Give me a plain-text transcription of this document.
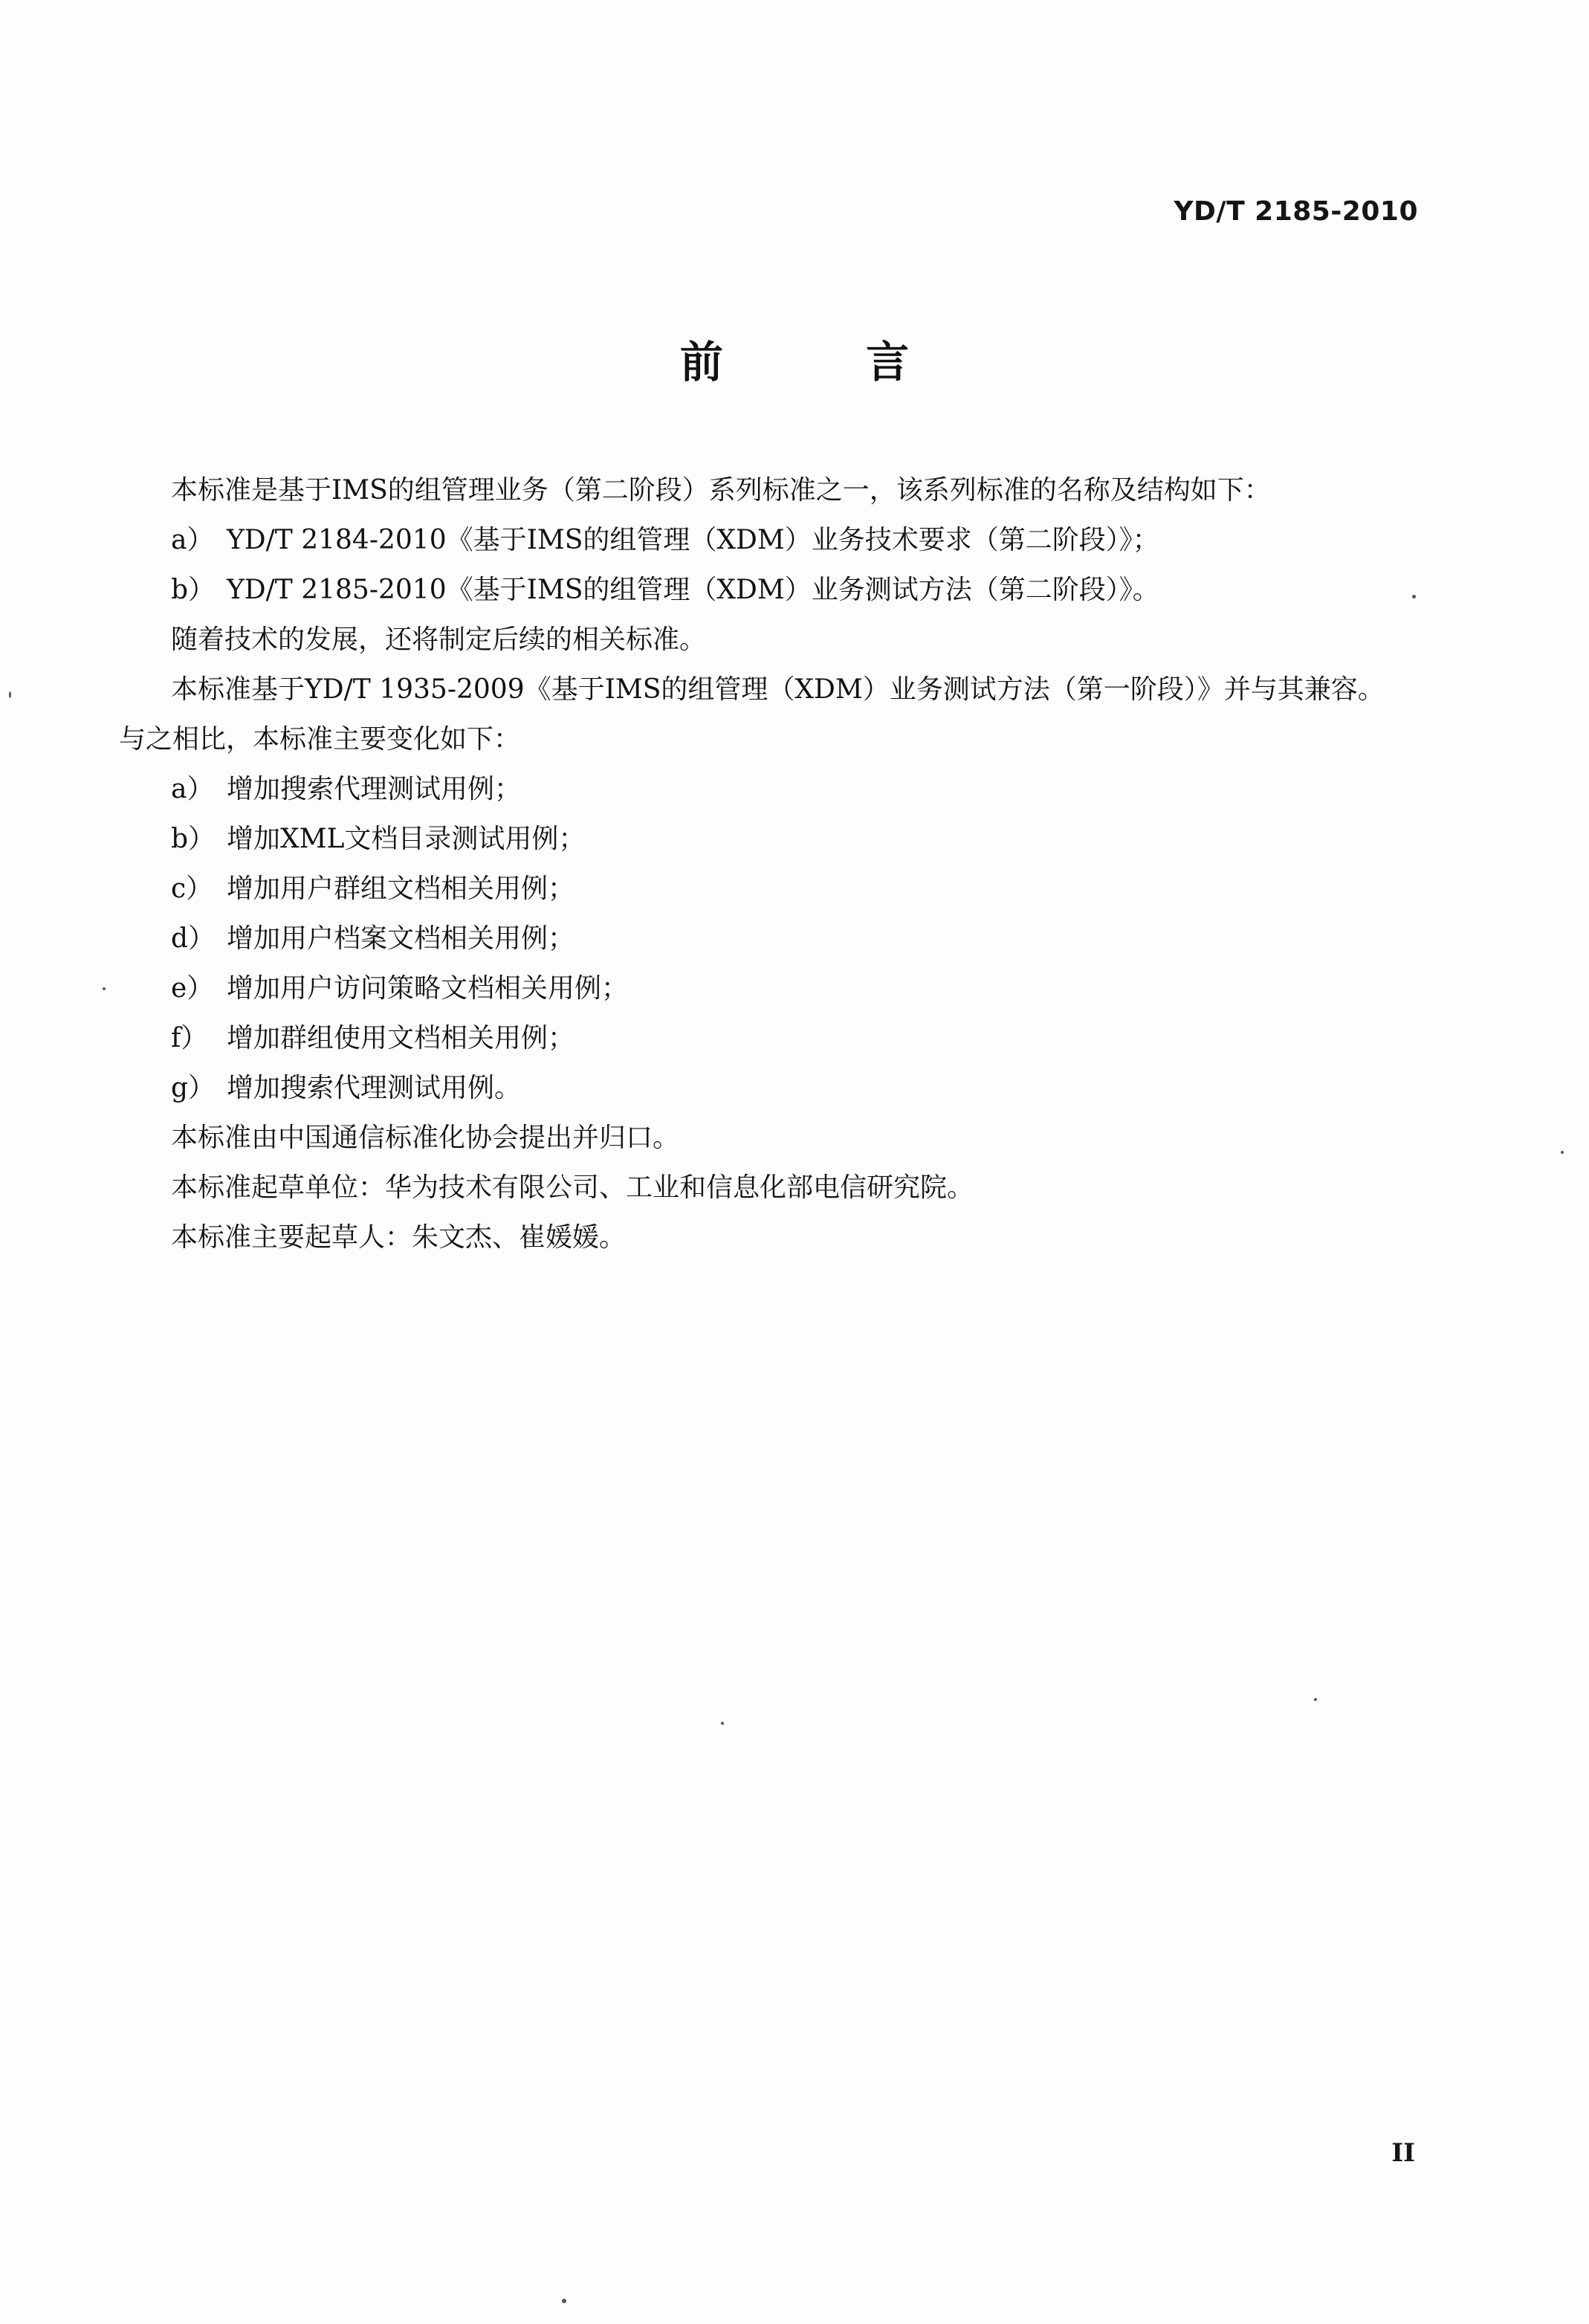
YD/T 2185-2010
前 言

本标准是基于IMS的组管理业务（第二阶段）系列标准之一，该系列标准的名称及结构如下：

a） YD/T 2184-2010《基于IMS的组管理（XDM）业务技术要求（第二阶段）》；

b） YD/T 2185-2010《基于IMS的组管理（XDM）业务测试方法（第二阶段）》。

随着技术的发展，还将制定后续的相关标准。

本标准基于YD/T 1935-2009《基于IMS的组管理（XDM）业务测试方法（第一阶段）》并与其兼容。

与之相比，本标准主要变化如下：

a） 增加搜索代理测试用例；

b） 增加XML文档目录测试用例；

c） 增加用户群组文档相关用例；

d） 增加用户档案文档相关用例；

e） 增加用户访问策略文档相关用例；

f） 增加群组使用文档相关用例；

g） 增加搜索代理测试用例。

本标准由中国通信标准化协会提出并归口。

本标准起草单位：华为技术有限公司、工业和信息化部电信研究院。

本标准主要起草人：朱文杰、崔媛媛。

II
